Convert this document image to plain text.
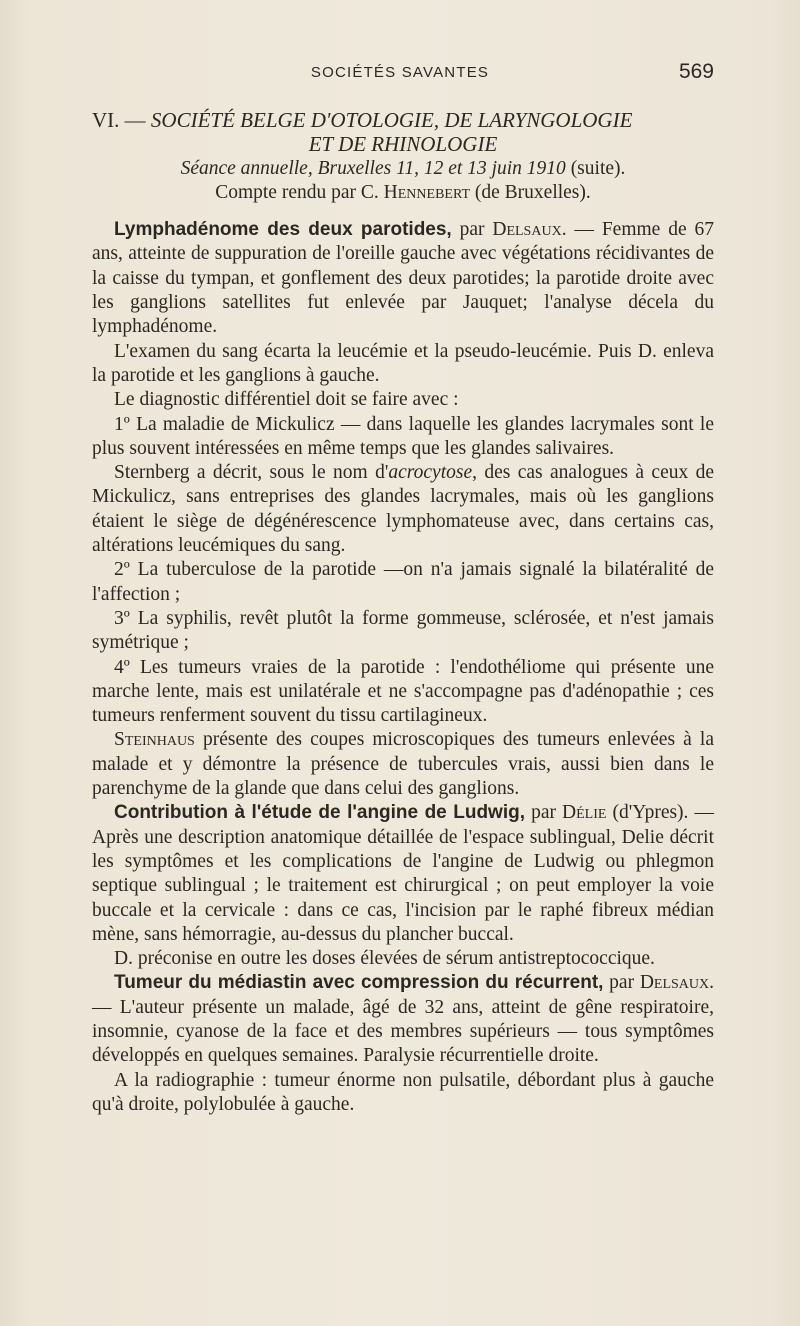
SOCIÉTÉS SAVANTES	569
VI. — SOCIÉTÉ BELGE D'OTOLOGIE, DE LARYNGOLOGIE
ET DE RHINOLOGIE
Séance annuelle, Bruxelles 11, 12 et 13 juin 1910 (suite).
Compte rendu par C. Hennebert (de Bruxelles).

Lymphadénome des deux parotides, par Delsaux. — Femme de 67 ans, atteinte de suppuration de l'oreille gauche avec végétations récidivantes de la caisse du tympan, et gonflement des deux parotides; la parotide droite avec les ganglions satellites fut enlevée par Jauquet; l'analyse décela du lymphadénome.

L'examen du sang écarta la leucémie et la pseudo-leucémie. Puis D. enleva la parotide et les ganglions à gauche.

Le diagnostic différentiel doit se faire avec :

1º La maladie de Mickulicz — dans laquelle les glandes lacrymales sont le plus souvent intéressées en même temps que les glandes salivaires.

Sternberg a décrit, sous le nom d'acrocytose, des cas analogues à ceux de Mickulicz, sans entreprises des glandes lacrymales, mais où les ganglions étaient le siège de dégénérescence lymphomateuse avec, dans certains cas, altérations leucémiques du sang.

2º La tuberculose de la parotide —on n'a jamais signalé la bilatéralité de l'affection ;

3º La syphilis, revêt plutôt la forme gommeuse, sclérosée, et n'est jamais symétrique ;

4º Les tumeurs vraies de la parotide : l'endothéliome qui présente une marche lente, mais est unilatérale et ne s'accompagne pas d'adénopathie ; ces tumeurs renferment souvent du tissu cartilagineux.

Steinhaus présente des coupes microscopiques des tumeurs enlevées à la malade et y démontre la présence de tubercules vrais, aussi bien dans le parenchyme de la glande que dans celui des ganglions.

Contribution à l'étude de l'angine de Ludwig, par Délie (d'Ypres). — Après une description anatomique détaillée de l'espace sublingual, Delie décrit les symptômes et les complications de l'angine de Ludwig ou phlegmon septique sublingual ; le traitement est chirurgical ; on peut employer la voie buccale et la cervicale : dans ce cas, l'incision par le raphé fibreux médian mène, sans hémorragie, au-dessus du plancher buccal.

D. préconise en outre les doses élevées de sérum antistreptococcique.

Tumeur du médiastin avec compression du récurrent, par Delsaux. — L'auteur présente un malade, âgé de 32 ans, atteint de gêne respiratoire, insomnie, cyanose de la face et des membres supérieurs — tous symptômes développés en quelques semaines. Paralysie récurrentielle droite.

A la radiographie : tumeur énorme non pulsatile, débordant plus à gauche qu'à droite, polylobulée à gauche.
